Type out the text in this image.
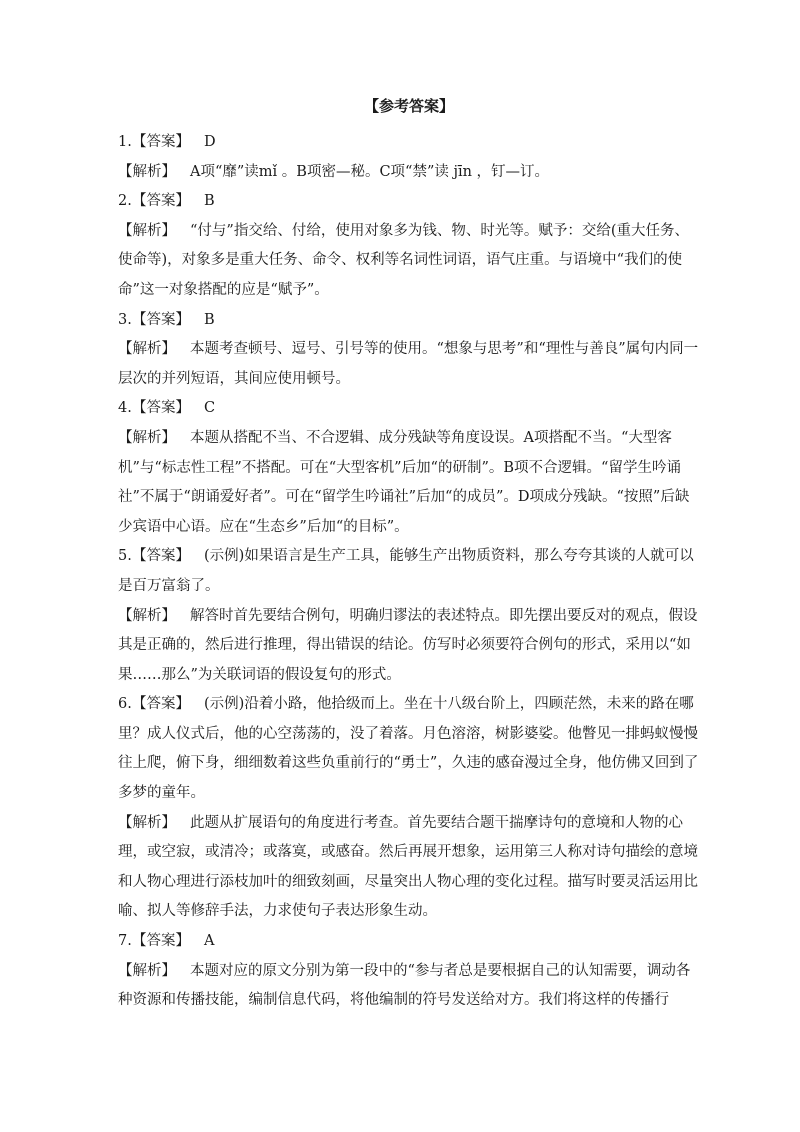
【参考答案】
1.【答案】 D
【解析】 A项“靡”读mǐ 。B项密—秘。C项“禁”读 jīn ，钉—订。
2.【答案】 B
【解析】 “付与”指交给、付给，使用对象多为钱、物、时光等。赋予：交给(重大任务、使命等)，对象多是重大任务、命令、权利等名词性词语，语气庄重。与语境中“我们的使命”这一对象搭配的应是“赋予”。
3.【答案】 B
【解析】 本题考查顿号、逗号、引号等的使用。“想象与思考”和“理性与善良”属句内同一层次的并列短语，其间应使用顿号。
4.【答案】 C
【解析】 本题从搭配不当、不合逻辑、成分残缺等角度设误。A项搭配不当。“大型客机”与“标志性工程”不搭配。可在“大型客机”后加“的研制”。B项不合逻辑。“留学生吟诵社”不属于“朗诵爱好者”。可在“留学生吟诵社”后加“的成员”。D项成分残缺。“按照”后缺少宾语中心语。应在“生态乡”后加“的目标”。
5.【答案】 (示例)如果语言是生产工具，能够生产出物质资料，那么夸夸其谈的人就可以是百万富翁了。
【解析】 解答时首先要结合例句，明确归谬法的表述特点。即先摆出要反对的观点，假设其是正确的，然后进行推理，得出错误的结论。仿写时必须要符合例句的形式，采用以“如果……那么”为关联词语的假设复句的形式。
6.【答案】 (示例)沿着小路，他拾级而上。坐在十八级台阶上，四顾茫然，未来的路在哪里？成人仪式后，他的心空荡荡的，没了着落。月色溶溶，树影婆娑。他瞥见一排蚂蚁慢慢往上爬，俯下身，细细数着这些负重前行的“勇士”，久违的感奋漫过全身，他仿佛又回到了多梦的童年。
【解析】 此题从扩展语句的角度进行考查。首先要结合题干揣摩诗句的意境和人物的心理，或空寂，或清冷；或落寞，或感奋。然后再展开想象，运用第三人称对诗句描绘的意境和人物心理进行添枝加叶的细致刻画，尽量突出人物心理的变化过程。描写时要灵活运用比喻、拟人等修辞手法，力求使句子表达形象生动。
7.【答案】 A
【解析】 本题对应的原文分别为第一段中的“参与者总是要根据自己的认知需要，调动各种资源和传播技能，编制信息代码，将他编制的符号发送给对方。我们将这样的传播行
